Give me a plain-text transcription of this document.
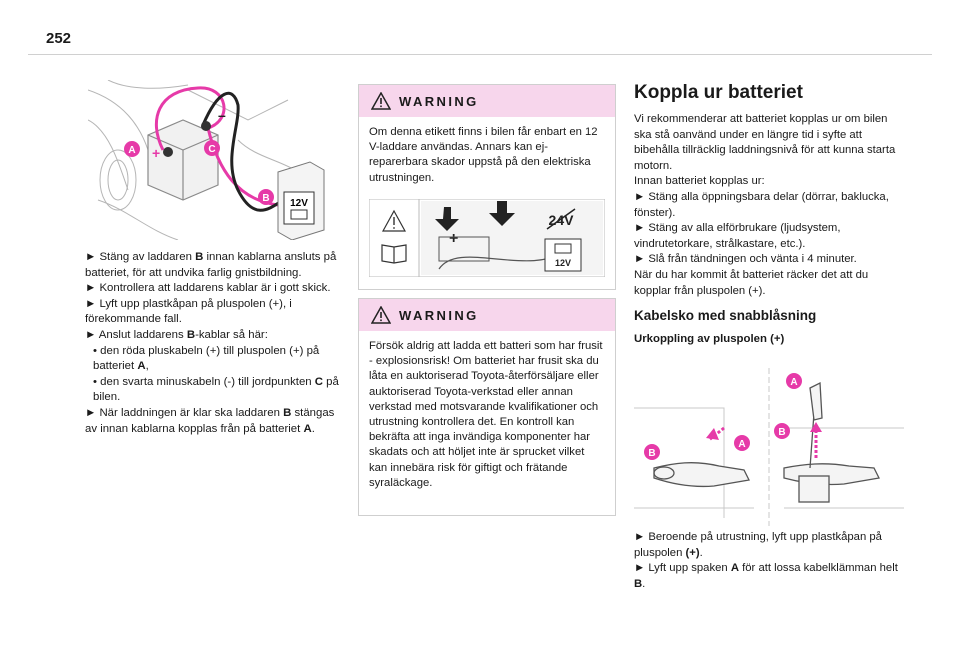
252
+
–
A	C
B 12V

► Stäng av laddaren B innan kablarna ansluts på batteriet, för att undvika farlig gnistbildning.

► Kontrollera att laddarens kablar är i gott skick.

► Lyft upp plastkåpan på pluspolen (+), i förekommande fall.

► Anslut laddarens B-kablar så här:

• den röda pluskabeln (+) till pluspolen (+) på batteriet A,

• den svarta minuskabeln (-) till jordpunkten C på bilen.

► När laddningen är klar ska laddaren B stängas av innan kablarna kopplas från på batteriet A.

WARNING
Om denna etikett finns i bilen får enbart en 12 V-laddare användas. Annars kan ej-reparerbara skador uppstå på den elektriska utrustningen.
+
24V
12V
WARNING
Försök aldrig att ladda ett batteri som har frusit - explosionsrisk! Om batteriet har frusit ska du låta en auktoriserad Toyota-återförsäljare eller auktoriserad Toyota-verkstad eller annan verkstad med motsvarande kvalifikationer och utrustning kontrollera det. En kontroll kan bekräfta att inga invändiga komponenter har skadats och att höljet inte är sprucket vilket kan innebära risk för giftigt och frätande syraläckage.
Koppla ur batteriet
Vi rekommenderar att batteriet kopplas ur om bilen ska stå oanvänd under en längre tid i syfte att bibehålla tillräcklig laddningsnivå för att kunna starta motorn.
Innan batteriet kopplas ur:
► Stäng alla öppningsbara delar (dörrar, baklucka, fönster).
► Stäng av alla elförbrukare (ljudsystem, vindrutetorkare, strålkastare, etc.).
► Slå från tändningen och vänta i 4 minuter.
När du har kommit åt batteriet räcker det att du kopplar från pluspolen (+).
Kabelsko med snabblåsning
Urkoppling av pluspolen (+)
A
B
A
B
► Beroende på utrustning, lyft upp plastkåpan på pluspolen (+).
► Lyft upp spaken A för att lossa kabelklämman helt B.
